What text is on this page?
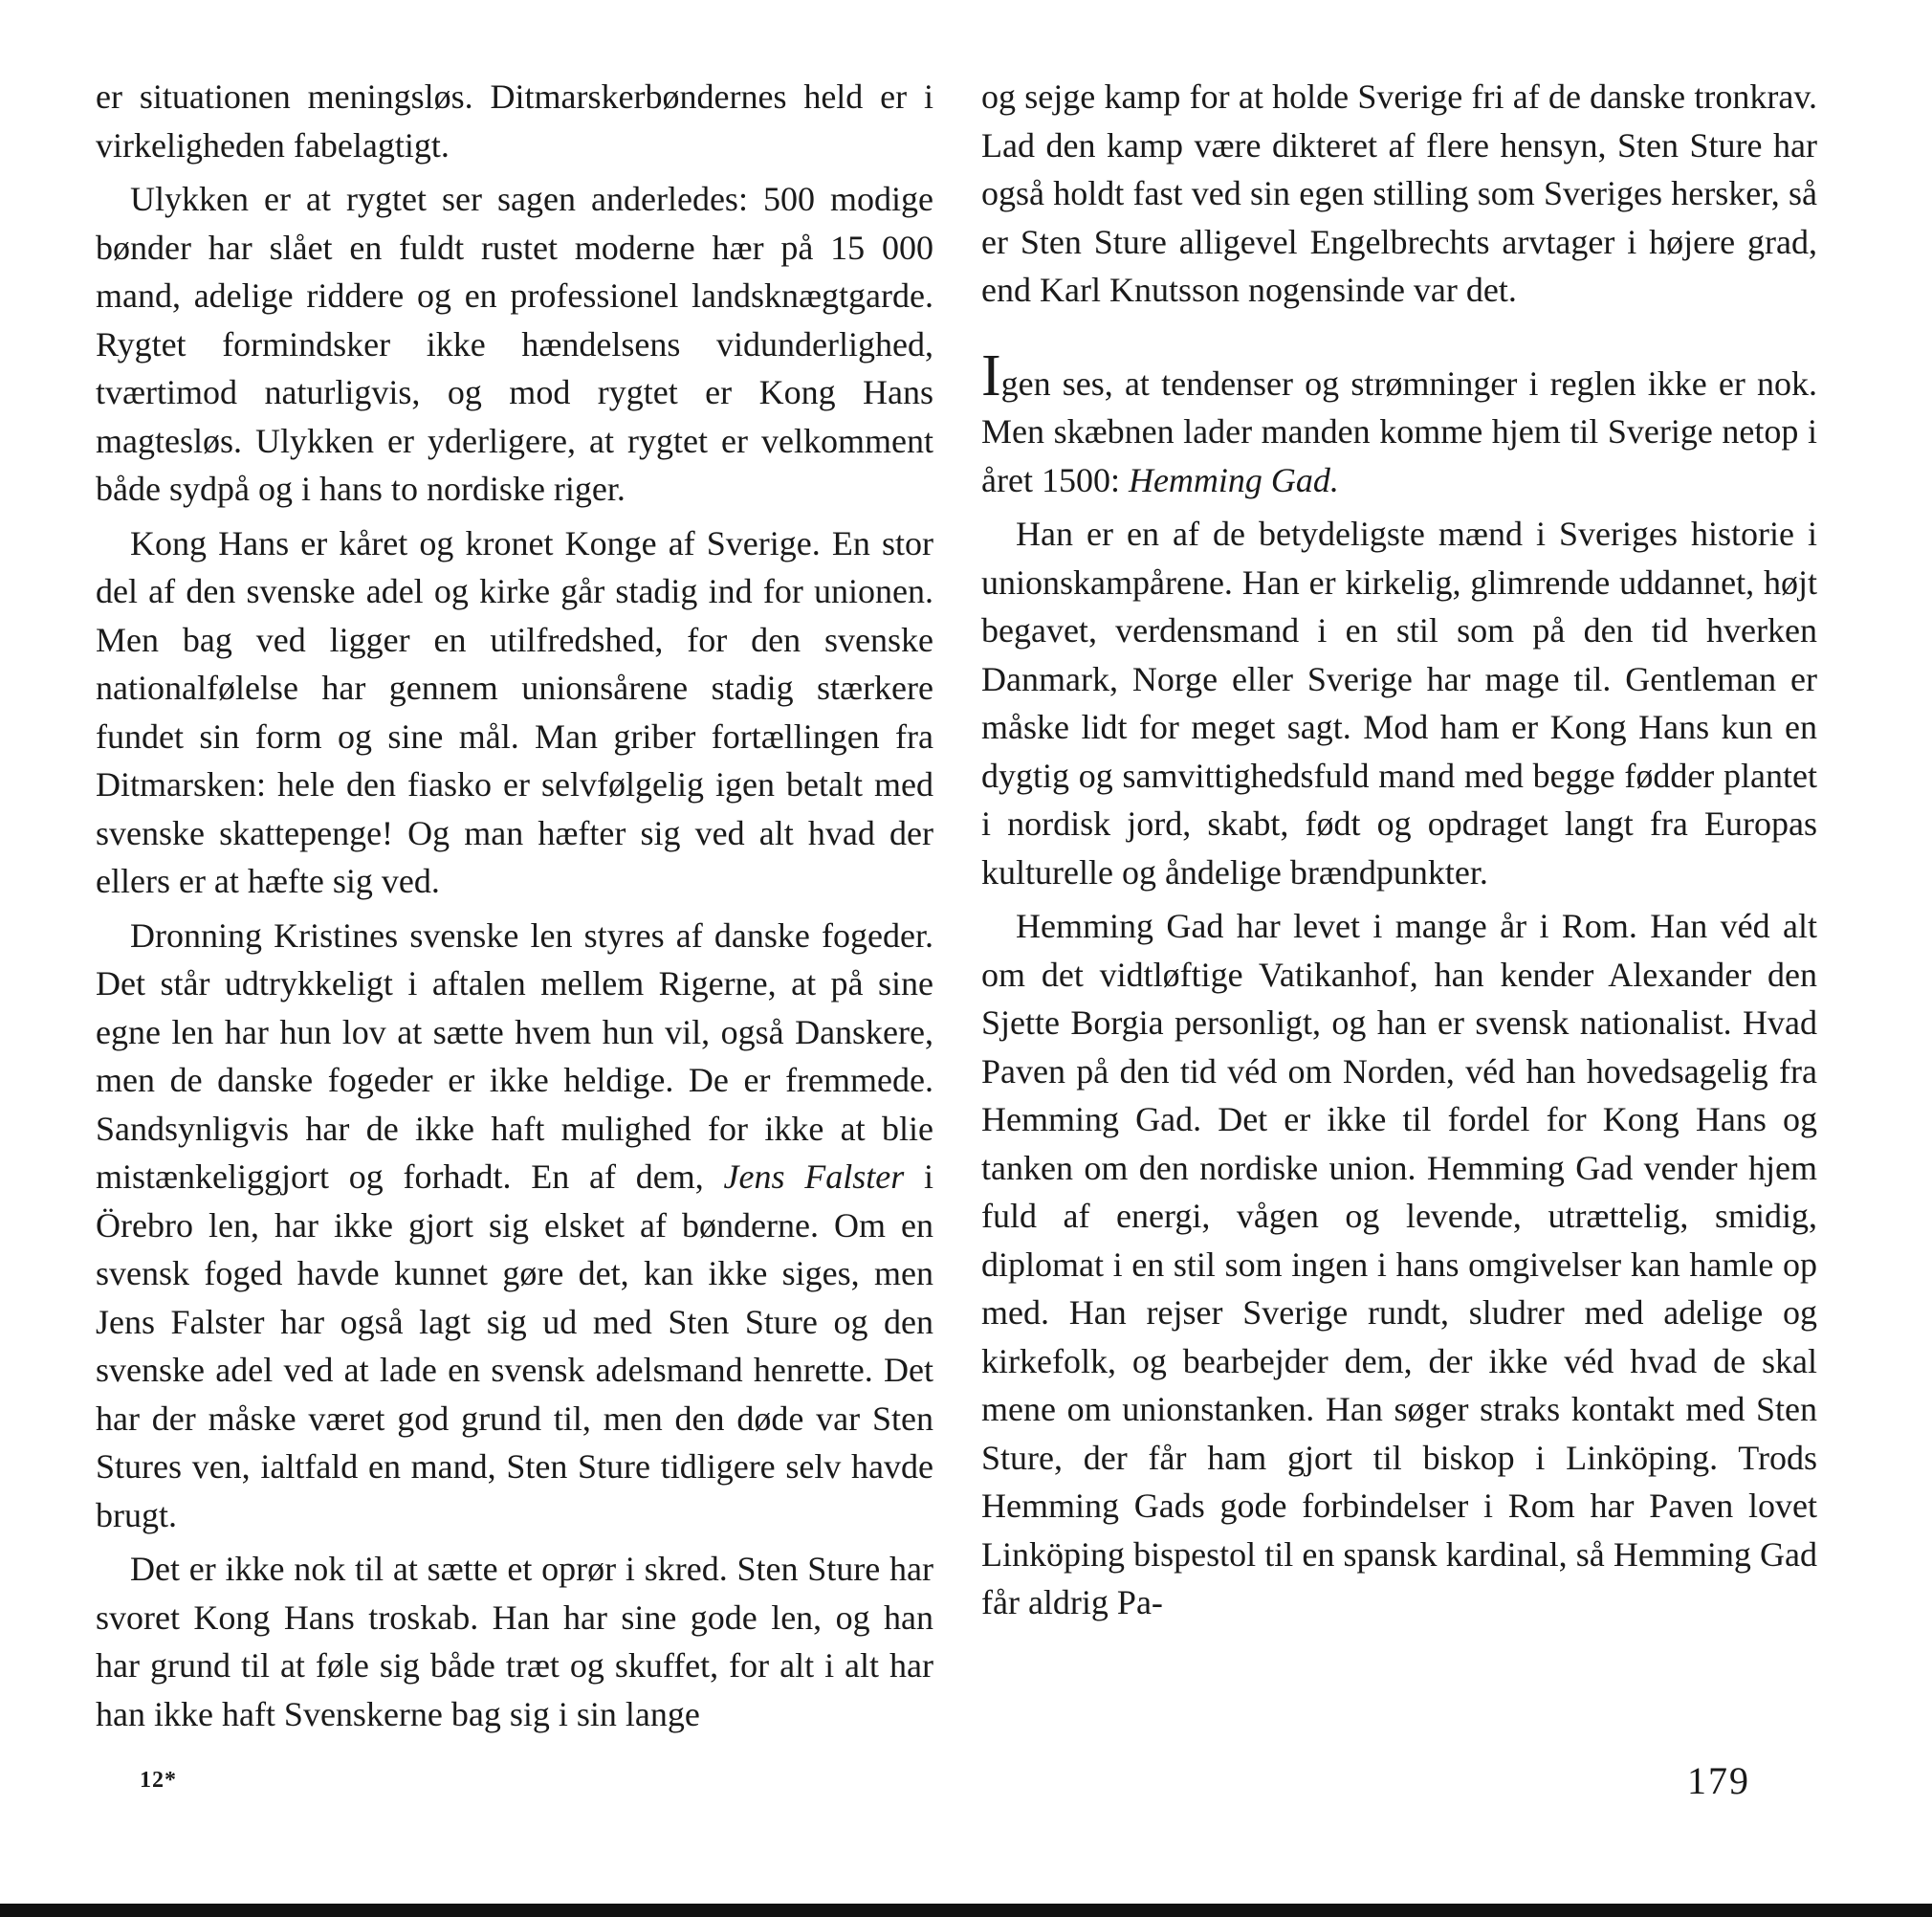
er situationen meningsløs. Ditmarskerbøndernes held er i virkeligheden fabelagtigt.

Ulykken er at rygtet ser sagen anderledes: 500 modige bønder har slået en fuldt rustet moderne hær på 15 000 mand, adelige riddere og en professionel landsknægtgarde. Rygtet formindsker ikke hændelsens vidunderlighed, tværtimod naturligvis, og mod rygtet er Kong Hans magtesløs. Ulykken er yderligere, at rygtet er velkomment både sydpå og i hans to nordiske riger.

Kong Hans er kåret og kronet Konge af Sverige. En stor del af den svenske adel og kirke går stadig ind for unionen. Men bag ved ligger en utilfredshed, for den svenske nationalfølelse har gennem unionsårene stadig stærkere fundet sin form og sine mål. Man griber fortællingen fra Ditmarsken: hele den fiasko er selvfølgelig igen betalt med svenske skattepenge! Og man hæfter sig ved alt hvad der ellers er at hæfte sig ved.

Dronning Kristines svenske len styres af danske fogeder. Det står udtrykkeligt i aftalen mellem Rigerne, at på sine egne len har hun lov at sætte hvem hun vil, også Danskere, men de danske fogeder er ikke heldige. De er fremmede. Sandsynligvis har de ikke haft mulighed for ikke at blie mistænkeliggjort og forhadt. En af dem, Jens Falster i Örebro len, har ikke gjort sig elsket af bønderne. Om en svensk foged havde kunnet gøre det, kan ikke siges, men Jens Falster har også lagt sig ud med Sten Sture og den svenske adel ved at lade en svensk adelsmand henrette. Det har der måske været god grund til, men den døde var Sten Stures ven, ialtfald en mand, Sten Sture tidligere selv havde brugt.

Det er ikke nok til at sætte et oprør i skred. Sten Sture har svoret Kong Hans troskab. Han har sine gode len, og han har grund til at føle sig både træt og skuffet, for alt i alt har han ikke haft Svenskerne bag sig i sin lange

og sejge kamp for at holde Sverige fri af de danske tronkrav. Lad den kamp være dikteret af flere hensyn, Sten Sture har også holdt fast ved sin egen stilling som Sveriges hersker, så er Sten Sture alligevel Engelbrechts arvtager i højere grad, end Karl Knutsson nogensinde var det.

Igen ses, at tendenser og strømninger i reglen ikke er nok. Men skæbnen lader manden komme hjem til Sverige netop i året 1500: Hemming Gad.

Han er en af de betydeligste mænd i Sveriges historie i unionskampårene. Han er kirkelig, glimrende uddannet, højt begavet, verdensmand i en stil som på den tid hverken Danmark, Norge eller Sverige har mage til. Gentleman er måske lidt for meget sagt. Mod ham er Kong Hans kun en dygtig og samvittighedsfuld mand med begge fødder plantet i nordisk jord, skabt, født og opdraget langt fra Europas kulturelle og åndelige brændpunkter.

Hemming Gad har levet i mange år i Rom. Han véd alt om det vidtløftige Vatikanhof, han kender Alexander den Sjette Borgia personligt, og han er svensk nationalist. Hvad Paven på den tid véd om Norden, véd han hovedsagelig fra Hemming Gad. Det er ikke til fordel for Kong Hans og tanken om den nordiske union. Hemming Gad vender hjem fuld af energi, vågen og levende, utrættelig, smidig, diplomat i en stil som ingen i hans omgivelser kan hamle op med. Han rejser Sverige rundt, sludrer med adelige og kirkefolk, og bearbejder dem, der ikke véd hvad de skal mene om unionstanken. Han søger straks kontakt med Sten Sture, der får ham gjort til biskop i Linköping. Trods Hemming Gads gode forbindelser i Rom har Paven lovet Linköping bispestol til en spansk kardinal, så Hemming Gad får aldrig Pa-

12*	179
